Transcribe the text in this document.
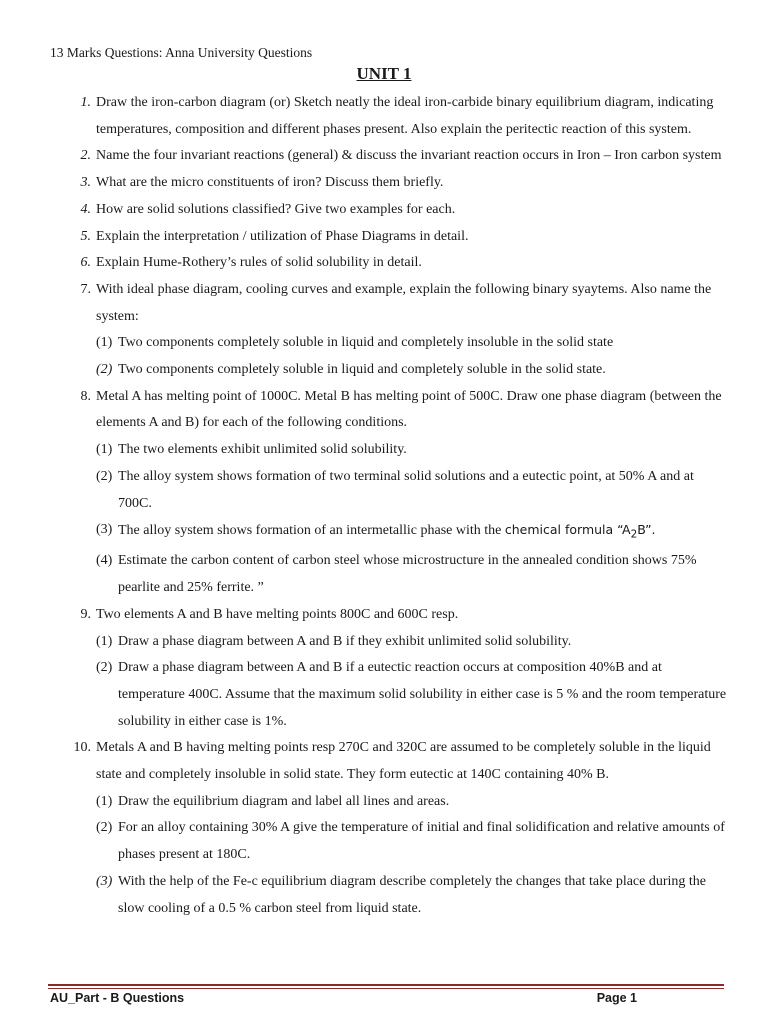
13 Marks Questions: Anna University Questions
UNIT 1
1. Draw the iron-carbon diagram (or) Sketch neatly the ideal iron-carbide binary equilibrium diagram, indicating temperatures, composition and different phases present. Also explain the peritectic reaction of this system.
2. Name the four invariant reactions (general) & discuss the invariant reaction occurs in Iron – Iron carbon system
3. What are the micro constituents of iron? Discuss them briefly.
4. How are solid solutions classified? Give two examples for each.
5. Explain the interpretation / utilization of Phase Diagrams in detail.
6. Explain Hume-Rothery’s rules of solid solubility in detail.
7. With ideal phase diagram, cooling curves and example, explain the following binary syaytems. Also name the system:
(1) Two components completely soluble in liquid and completely insoluble in the solid state
(2) Two components completely soluble in liquid and completely soluble in the solid state.
8. Metal A has melting point of 1000C. Metal B has melting point of 500C. Draw one phase diagram (between the elements A and B) for each of the following conditions.
(1) The two elements exhibit unlimited solid solubility.
(2) The alloy system shows formation of two terminal solid solutions and a eutectic point, at 50% A and at 700C.
(3) The alloy system shows formation of an intermetallic phase with the chemical formula “$A_2B$”.
(4) Estimate the carbon content of carbon steel whose microstructure in the annealed condition shows 75% pearlite and 25% ferrite. ”
9. Two elements A and B have melting points 800C and 600C resp.
(1) Draw a phase diagram between A and B if they exhibit unlimited solid solubility.
(2) Draw a phase diagram between A and B if a eutectic reaction occurs at composition 40%B and at temperature 400C. Assume that the maximum solid solubility in either case is 5 % and the room temperature solubility in either case is 1%.
10. Metals A and B having melting points resp 270C and 320C are assumed to be completely soluble in the liquid state and completely insoluble in solid state. They form eutectic at 140C containing 40% B.
(1) Draw the equilibrium diagram and label all lines and areas.
(2) For an alloy containing 30% A give the temperature of initial and final solidification and relative amounts of phases present at 180C.
(3) With the help of the Fe-c equilibrium diagram describe completely the changes that take place during the slow cooling of a 0.5 % carbon steel from liquid state.
AU_Part - B Questions	Page 1
